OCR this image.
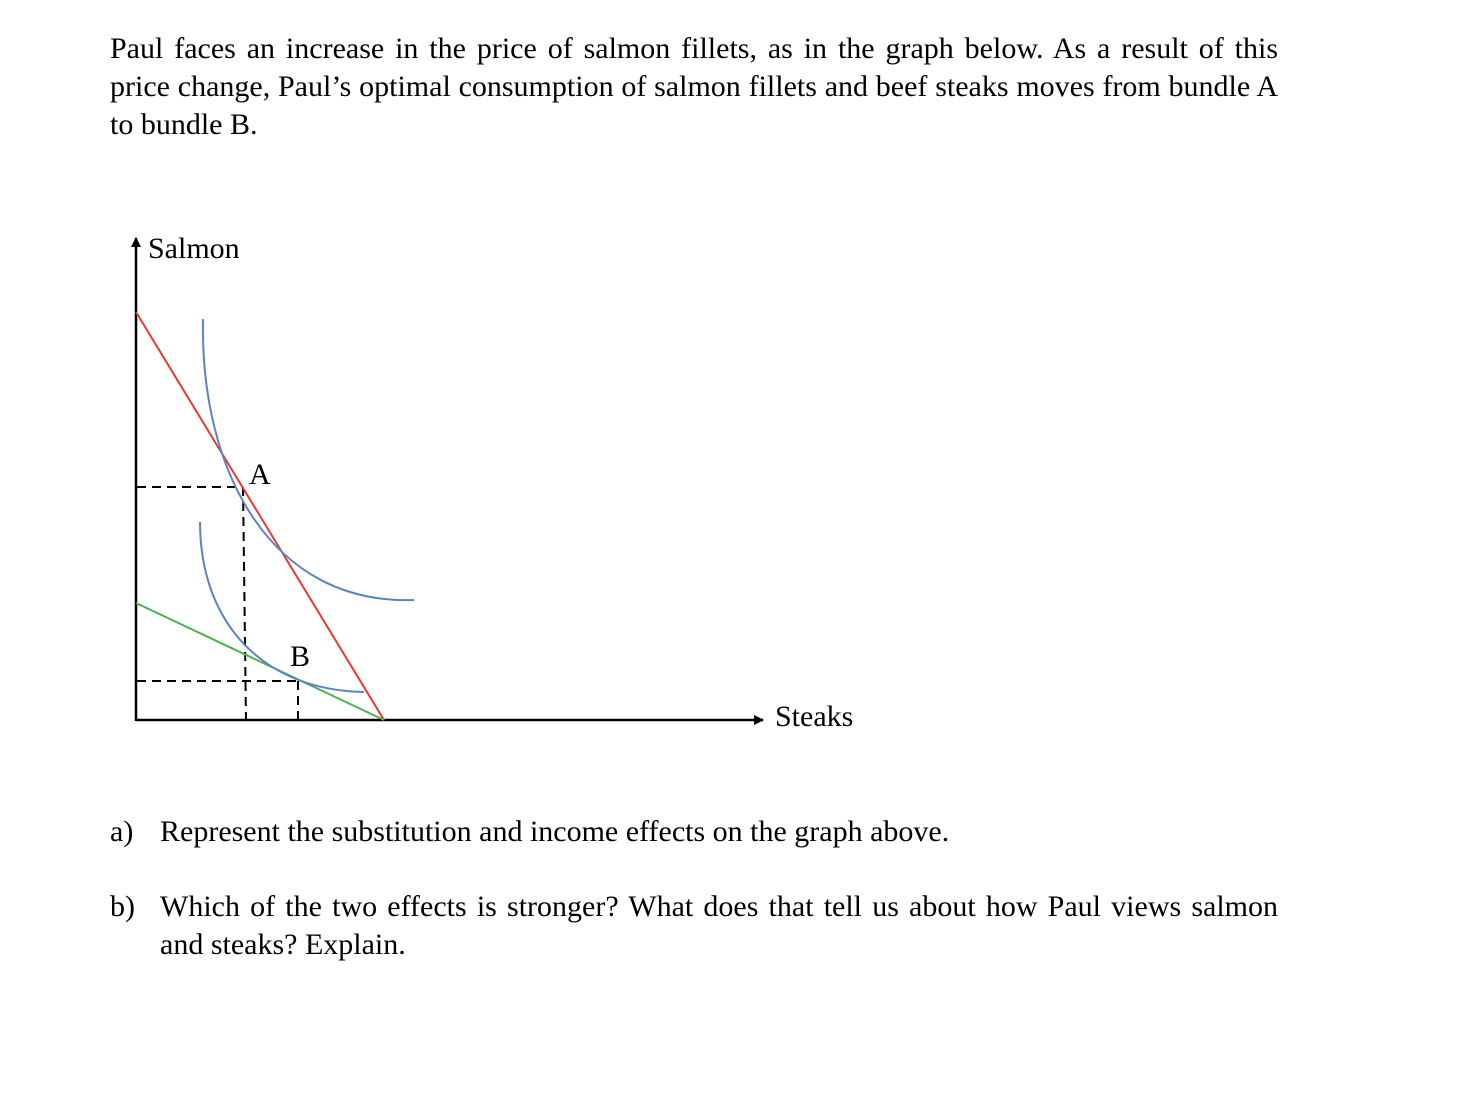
Paul faces an increase in the price of salmon fillets, as in the graph below. As a result of this price change, Paul’s optimal consumption of salmon fillets and beef steaks moves from bundle A to bundle B.

Salmon
Steaks
A
B
a) Represent the substitution and income effects on the graph above.
b) Which of the two effects is stronger? What does that tell us about how Paul views salmon and steaks? Explain.
